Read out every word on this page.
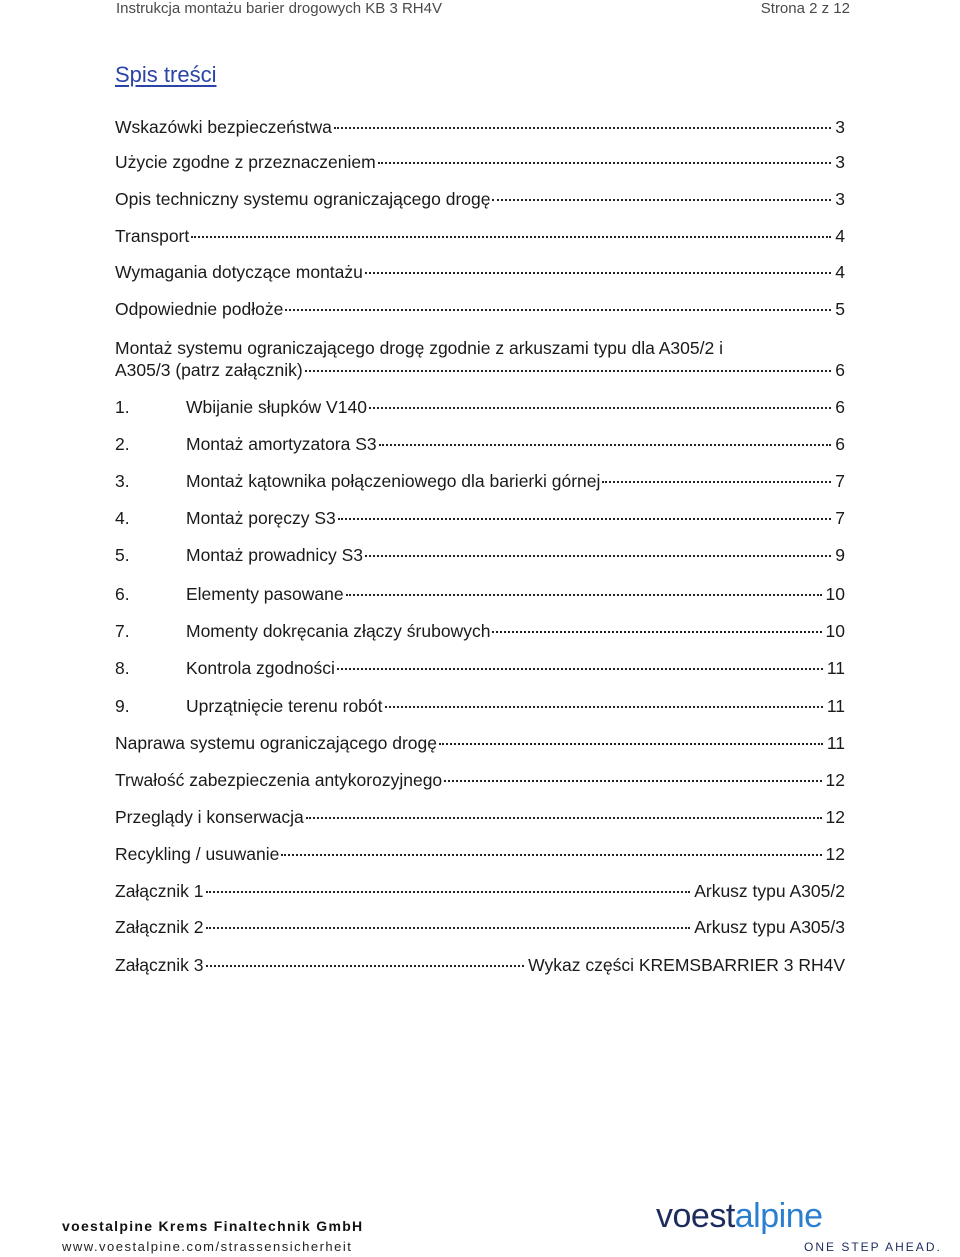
Instrukcja montażu barier drogowych KB 3 RH4V	Strona 2 z 12
Spis treści
Wskazówki bezpieczeństwa	3
Użycie zgodne z przeznaczeniem	3
Opis techniczny systemu ograniczającego drogę	3
Transport	4
Wymagania dotyczące montażu	4
Odpowiednie podłoże	5
Montaż systemu ograniczającego drogę zgodnie z arkuszami typu dla A305/2 i
A305/3 (patrz załącznik)	6
1.	Wbijanie słupków V140	6
2.	Montaż amortyzatora S3	6
3.	Montaż kątownika połączeniowego dla barierki górnej	7
4.	Montaż poręczy S3	7
5.	Montaż prowadnicy S3	9
6.	Elementy pasowane	10
7.	Momenty dokręcania złączy śrubowych	10
8.	Kontrola zgodności	11
9.	Uprzątnięcie terenu robót	11
Naprawa systemu ograniczającego drogę	11
Trwałość zabezpieczenia antykorozyjnego	12
Przeglądy i konserwacja	12
Recykling / usuwanie	12
Załącznik 1	Arkusz typu A305/2
Załącznik 2	Arkusz typu A305/3
Załącznik 3	Wykaz części KREMSBARRIER 3 RH4V
voestalpine Krems Finaltechnik GmbH
www.voestalpine.com/strassensicherheit
voestalpine
ONE STEP AHEAD.
